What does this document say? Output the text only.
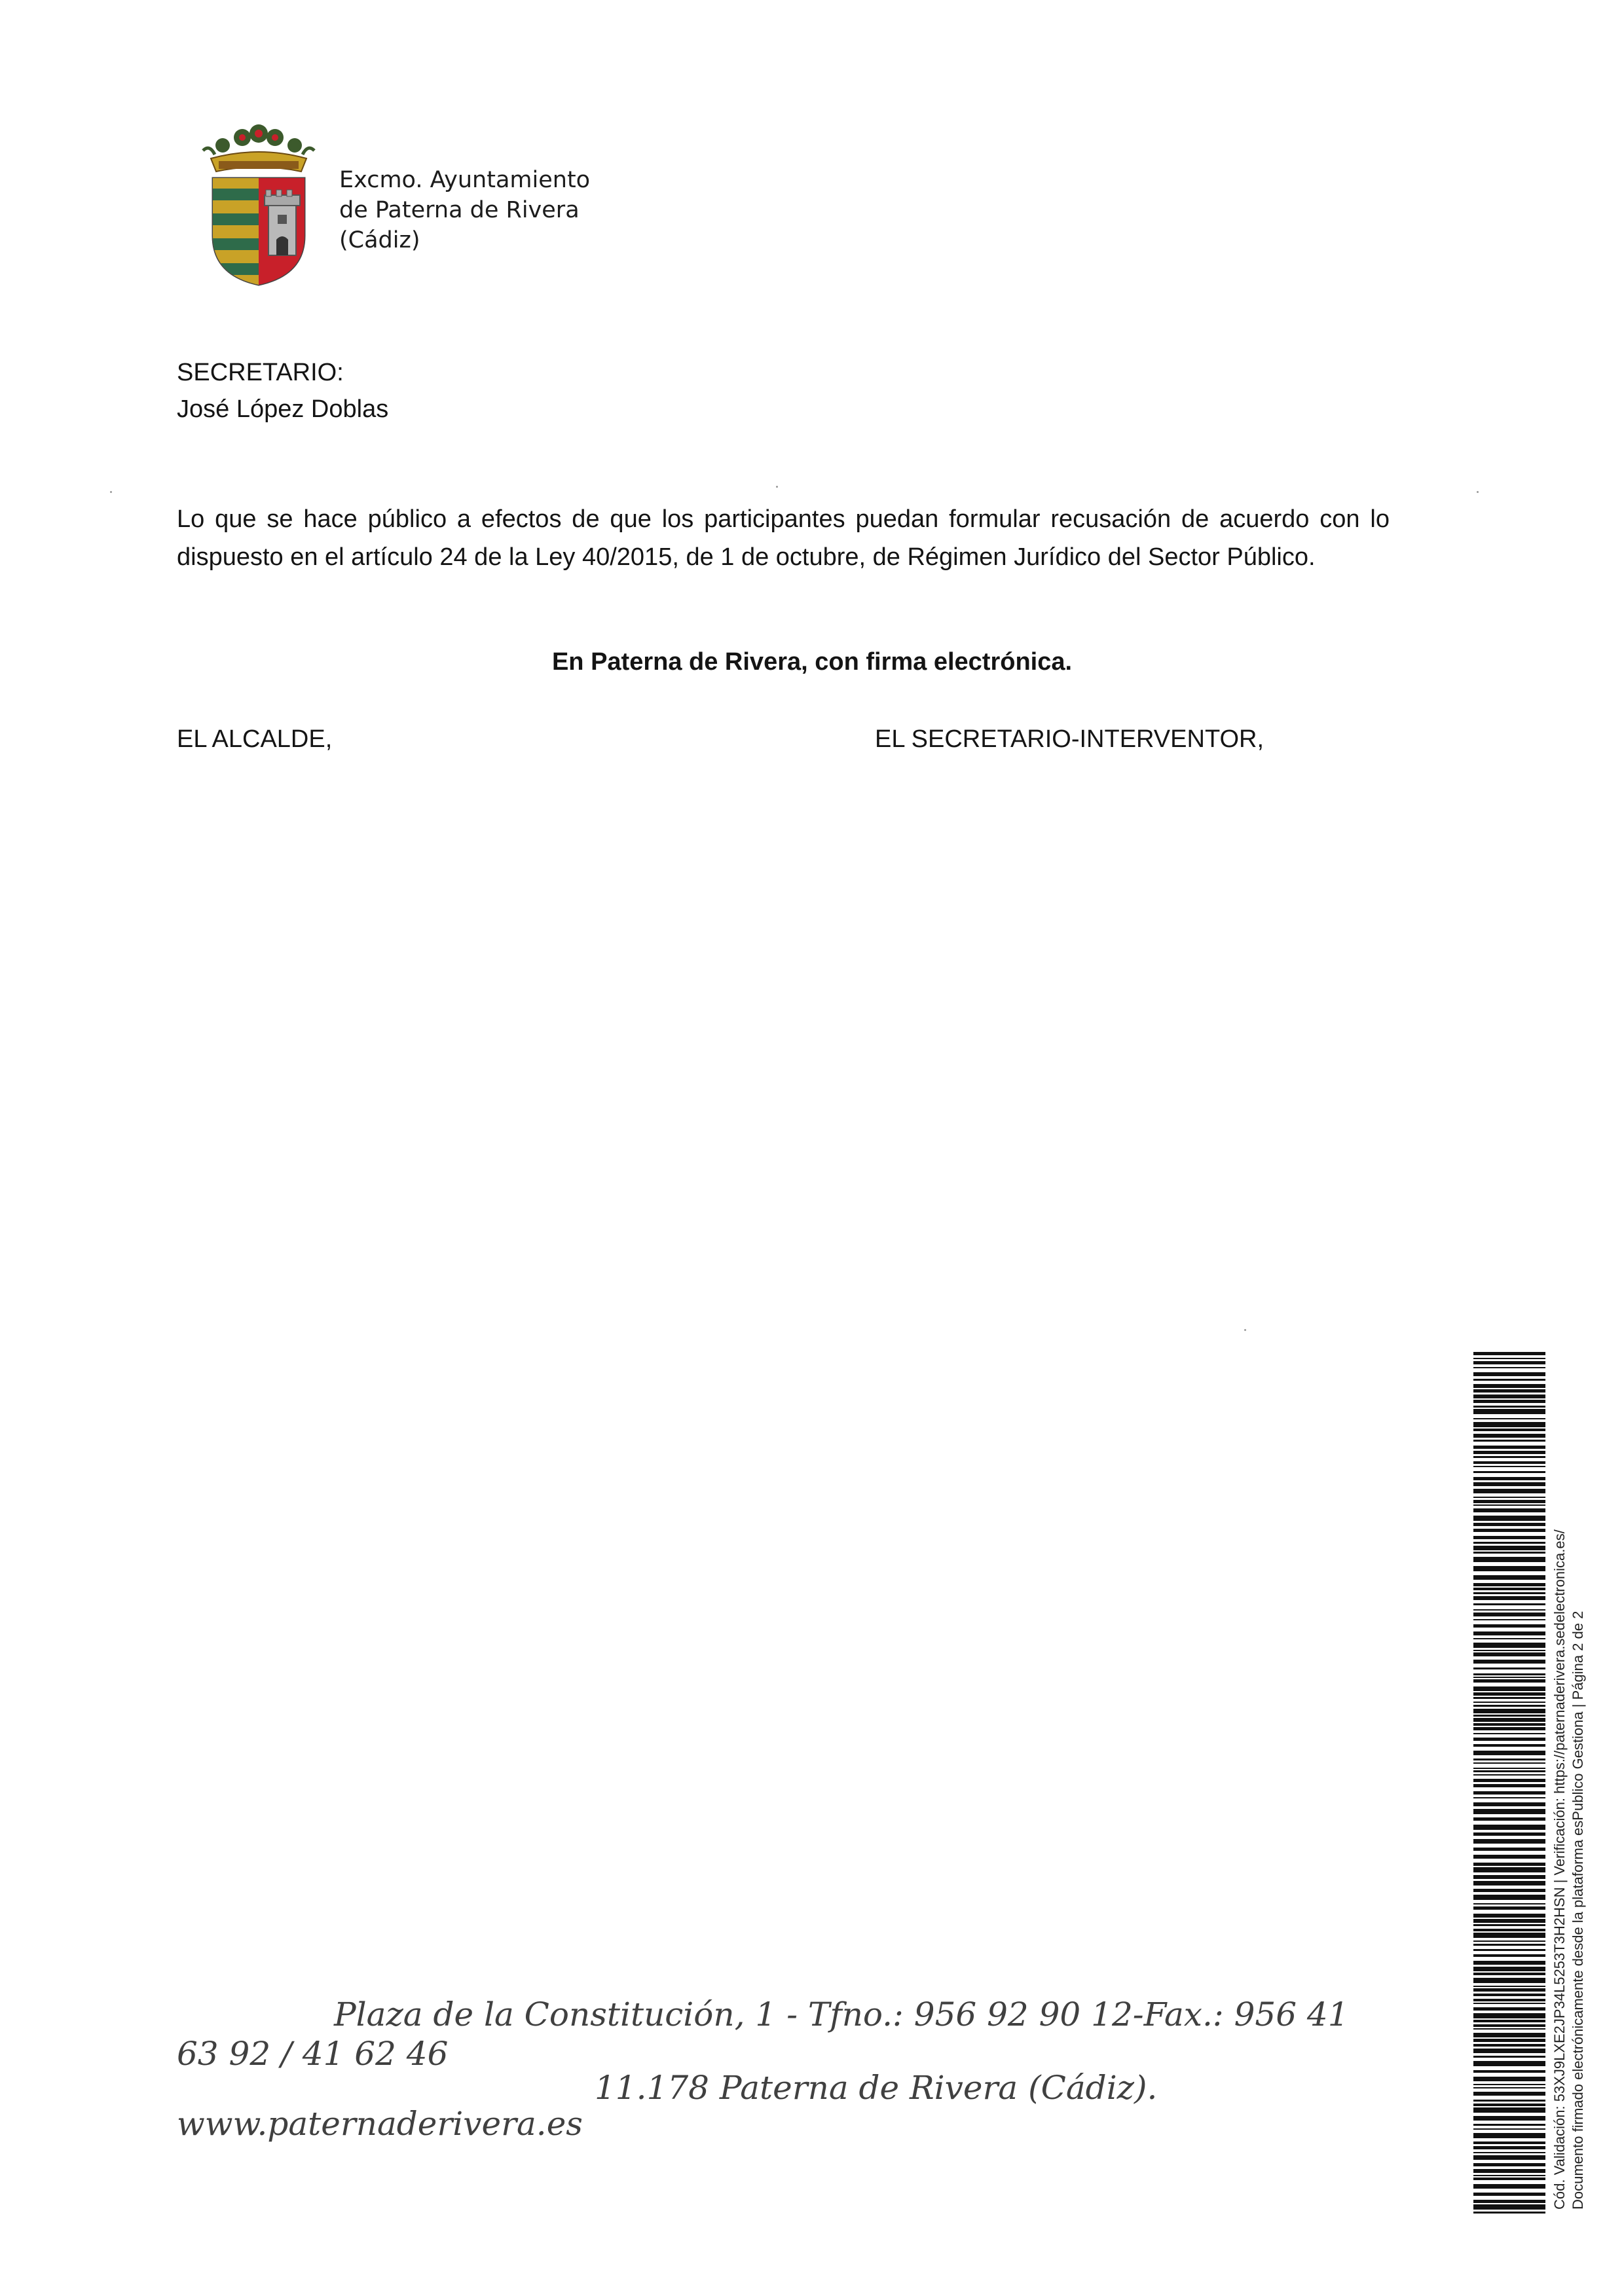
Excmo. Ayuntamiento
de Paterna de Rivera
(Cádiz)
SECRETARIO:
José López Doblas
Lo que se hace público a efectos de que los participantes puedan formular recusación de acuerdo con lo dispuesto en el artículo 24 de la Ley 40/2015, de 1 de octubre, de Régimen Jurídico del Sector Público.
En Paterna de Rivera, con firma electrónica.
EL ALCALDE,	EL SECRETARIO-INTERVENTOR,
Plaza de la Constitución, 1 - Tfno.: 956 92 90 12-Fax.: 956 41
63 92 / 41 62 46
11.178 Paterna de Rivera (Cádiz).
www.paternaderivera.es	Cód. Validación: 53XJ9LXE2JP34L5253T3H2HSN | Verificación: https://paternaderivera.sedelectronica.es/ Documento firmado electrónicamente desde la plataforma esPublico Gestiona | Página 2 de 2
